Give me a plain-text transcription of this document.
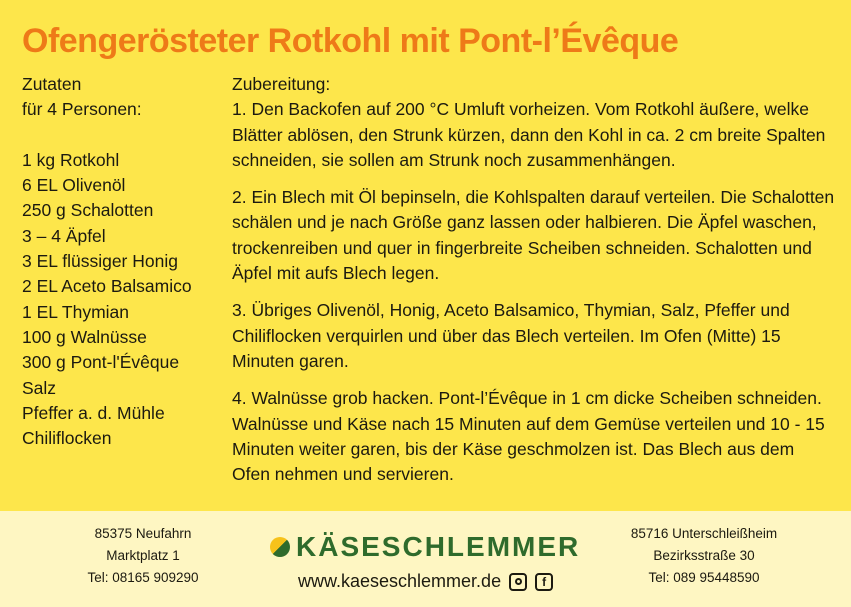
Ofengerösteter Rotkohl mit Pont-l’Évêque
Zutaten
für 4 Personen:
1 kg Rotkohl
6 EL Olivenöl
250 g Schalotten
3 – 4 Äpfel
3 EL flüssiger Honig
2 EL Aceto Balsamico
1 EL Thymian
100 g Walnüsse
300 g Pont-l'Évêque
Salz
Pfeffer a. d. Mühle
Chiliflocken

Zubereitung:

1. Den Backofen auf 200 °C Umluft vorheizen. Vom Rotkohl äußere, welke Blätter ablösen, den Strunk kürzen, dann den Kohl in ca. 2 cm breite Spalten schneiden, sie sollen am Strunk noch zusammenhängen.

2. Ein Blech mit Öl bepinseln, die Kohlspalten darauf verteilen. Die Schalotten schälen und je nach Größe ganz lassen oder halbieren. Die Äpfel waschen, trockenreiben und quer in fingerbreite Scheiben schneiden. Schalotten und Äpfel mit aufs Blech legen.

3. Übriges Olivenöl, Honig, Aceto Balsamico, Thymian, Salz, Pfeffer und Chiliflocken verquirlen und über das Blech verteilen. Im Ofen (Mitte) 15 Minuten garen.

4. Walnüsse grob hacken. Pont-l’Évêque in 1 cm dicke Scheiben schneiden. Walnüsse und Käse nach 15 Minuten auf dem Gemüse verteilen und 10 - 15 Minuten weiter garen, bis der Käse geschmolzen ist. Das Blech aus dem Ofen nehmen und servieren.

85375 Neufahrn
Marktplatz 1
Tel: 08165 909290
KÄSESCHLEMMER
www.kaeseschlemmer.de	f
85716 Unterschleißheim
Bezirksstraße 30
Tel: 089 95448590
